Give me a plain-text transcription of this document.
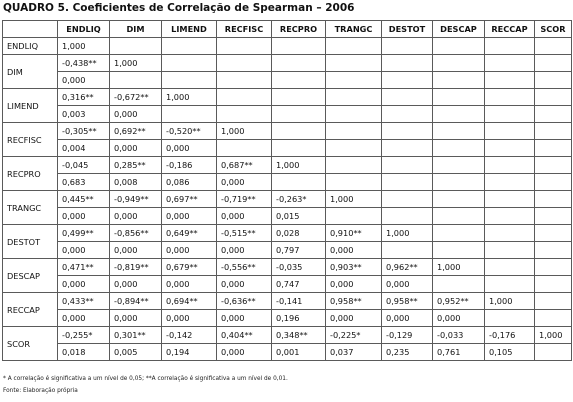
QUADRO 5. Coeficientes de Correlação de Spearman – 2006
	ENDLIQ	DIM	LIMEND	RECFISC	RECPRO	TRANGC	DESTOT	DESCAP	RECCAP	SCOR
ENDLIQ	1,000									
DIM	-0,438**	1,000								
	0,000									
LIMEND	0,316**	-0,672**	1,000							
	0,003	0,000								
RECFISC	-0,305**	0,692**	-0,520**	1,000						
	0,004	0,000	0,000							
RECPRO	-0,045	0,285**	-0,186	0,687**	1,000					
	0,683	0,008	0,086	0,000						
TRANGC	0,445**	-0,949**	0,697**	-0,719**	-0,263*	1,000				
	0,000	0,000	0,000	0,000	0,015					
DESTOT	0,499**	-0,856**	0,649**	-0,515**	0,028	0,910**	1,000			
	0,000	0,000	0,000	0,000	0,797	0,000				
DESCAP	0,471**	-0,819**	0,679**	-0,556**	-0,035	0,903**	0,962**	1,000		
	0,000	0,000	0,000	0,000	0,747	0,000	0,000			
RECCAP	0,433**	-0,894**	0,694**	-0,636**	-0,141	0,958**	0,958**	0,952**	1,000	
	0,000	0,000	0,000	0,000	0,196	0,000	0,000	0,000		
SCOR	-0,255*	0,301**	-0,142	0,404**	0,348**	-0,225*	-0,129	-0,033	-0,176	1,000
	0,018	0,005	0,194	0,000	0,001	0,037	0,235	0,761	0,105	
* A correlação é significativa a um nível de 0,05; **A correlação é significativa a um nível de 0,01.
Fonte: Elaboração própria
